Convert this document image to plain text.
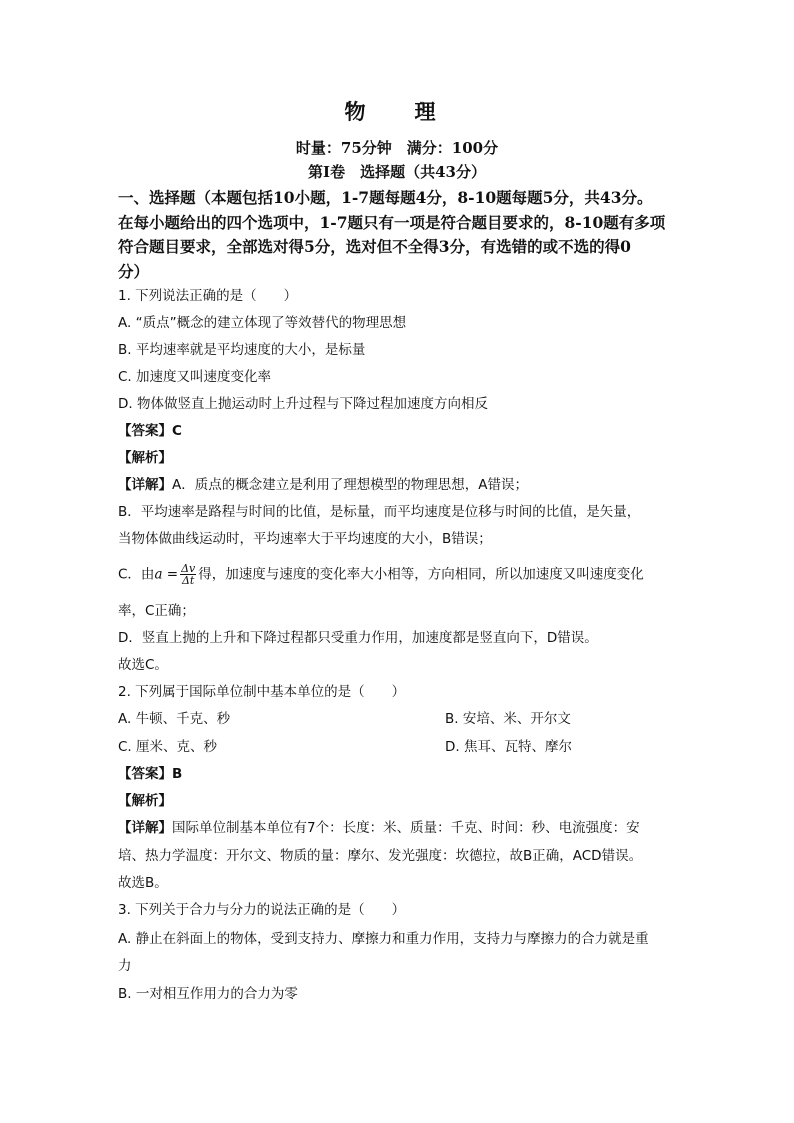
物　理
时量：75分钟　满分：100分
第Ⅰ卷　选择题（共43分）
一、选择题（本题包括10小题，1-7题每题4分，8-10题每题5分，共43分。
在每小题给出的四个选项中，1-7题只有一项是符合题目要求的，8-10题有多项
符合题目要求，全部选对得5分，选对但不全得3分，有选错的或不选的得0
分）
1. 下列说法正确的是（　　）
A. “质点”概念的建立体现了等效替代的物理思想
B. 平均速率就是平均速度的大小，是标量
C. 加速度又叫速度变化率
D. 物体做竖直上抛运动时上升过程与下降过程加速度方向相反
【答案】C
【解析】
【详解】A．质点的概念建立是利用了理想模型的物理思想，A错误；
B．平均速率是路程与时间的比值，是标量，而平均速度是位移与时间的比值，是矢量，
当物体做曲线运动时，平均速率大于平均速度的大小，B错误；
C．由$a = \frac{\Delta v}{\Delta t}$ 得，加速度与速度的变化率大小相等，方向相同，所以加速度又叫速度变化
率，C正确；
D．竖直上抛的上升和下降过程都只受重力作用，加速度都是竖直向下，D错误。
故选C。
2. 下列属于国际单位制中基本单位的是（　　）
A. 牛顿、千克、秒	B. 安培、米、开尔文
C. 厘米、克、秒	D. 焦耳、瓦特、摩尔
【答案】B
【解析】
【详解】国际单位制基本单位有7个：长度：米、质量：千克、时间：秒、电流强度：安
培、热力学温度：开尔文、物质的量：摩尔、发光强度：坎德拉，故B正确，ACD错误。
故选B。
3. 下列关于合力与分力的说法正确的是（　　）
A. 静止在斜面上的物体，受到支持力、摩擦力和重力作用，支持力与摩擦力的合力就是重
力
B. 一对相互作用力的合力为零
